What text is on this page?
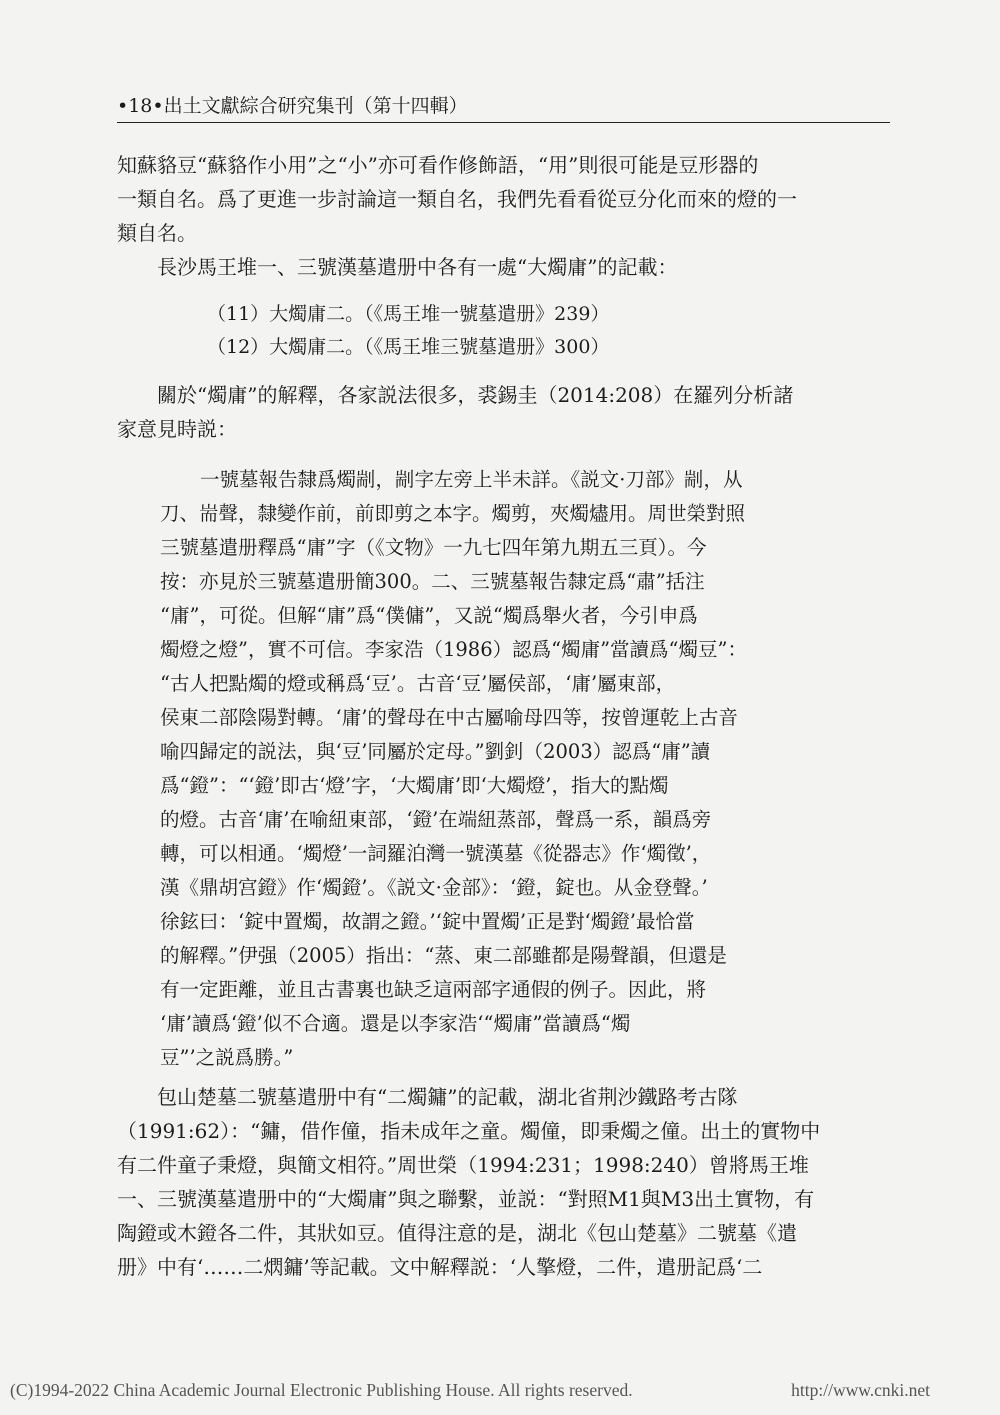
•18•出土文獻綜合研究集刊（第十四輯）
知蘇貉豆“蘇貉作小用”之“小”亦可看作修飾語，“用”則很可能是豆形器的
一類自名。爲了更進一步討論這一類自名，我們先看看從豆分化而來的燈的一
類自名。
長沙馬王堆一、三號漢墓遣册中各有一處“大燭庸”的記載：
（11）大燭庸二。（《馬王堆一號墓遣册》239）
（12）大燭庸二。（《馬王堆三號墓遣册》300）
關於“燭庸”的解釋，各家説法很多，裘錫圭（2014:208）在羅列分析諸
家意見時説：
一號墓報告隸爲燭剬，剬字左旁上半未詳。《説文·刀部》剬，从
刀、耑聲，隸變作前，前即剪之本字。燭剪，夾燭燼用。周世榮對照
三號墓遣册釋爲“庸”字（《文物》一九七四年第九期五三頁）。今
按：亦見於三號墓遣册簡300。二、三號墓報告隸定爲“肅”括注
“庸”，可從。但解“庸”爲“僕傭”，又説“燭爲舉火者，今引申爲
燭燈之燈”，實不可信。李家浩（1986）認爲“燭庸”當讀爲“燭豆”：
“古人把點燭的燈或稱爲‘豆’。古音‘豆’屬侯部，‘庸’屬東部，
侯東二部陰陽對轉。‘庸’的聲母在中古屬喻母四等，按曾運乾上古音
喻四歸定的説法，與‘豆’同屬於定母。”劉釗（2003）認爲“庸”讀
爲“鐙”：“‘鐙’即古‘燈’字，‘大燭庸’即‘大燭燈’，指大的點燭
的燈。古音‘庸’在喻紐東部，‘鐙’在端紐蒸部，聲爲一系，韻爲旁
轉，可以相通。‘燭燈’一詞羅泊灣一號漢墓《從器志》作‘燭徵’，
漢《鼎胡宫鐙》作‘燭鐙’。《説文·金部》：‘鐙，錠也。从金登聲。’
徐鉉曰：‘錠中置燭，故謂之鐙。’‘錠中置燭’正是對‘燭鐙’最恰當
的解釋。”伊强（2005）指出：“蒸、東二部雖都是陽聲韻，但還是
有一定距離，並且古書裏也缺乏這兩部字通假的例子。因此，將
‘庸’讀爲‘鐙’似不合適。還是以李家浩‘“燭庸”當讀爲“燭
豆”’之説爲勝。”
包山楚墓二號墓遣册中有“二燭鏞”的記載，湖北省荆沙鐵路考古隊
（1991:62）：“鏞，借作僮，指未成年之童。燭僮，即秉燭之僮。出土的實物中
有二件童子秉燈，與簡文相符。”周世榮（1994:231；1998:240）曾將馬王堆
一、三號漢墓遣册中的“大燭庸”與之聯繫，並説：“對照M1與M3出土實物，有
陶鐙或木鐙各二件，其狀如豆。值得注意的是，湖北《包山楚墓》二號墓《遣
册》中有‘……二熌鏞’等記載。文中解釋説：‘人擎燈，二件，遣册記爲‘二
(C)1994-2022 China Academic Journal Electronic Publishing House. All rights reserved.	http://www.cnki.net
